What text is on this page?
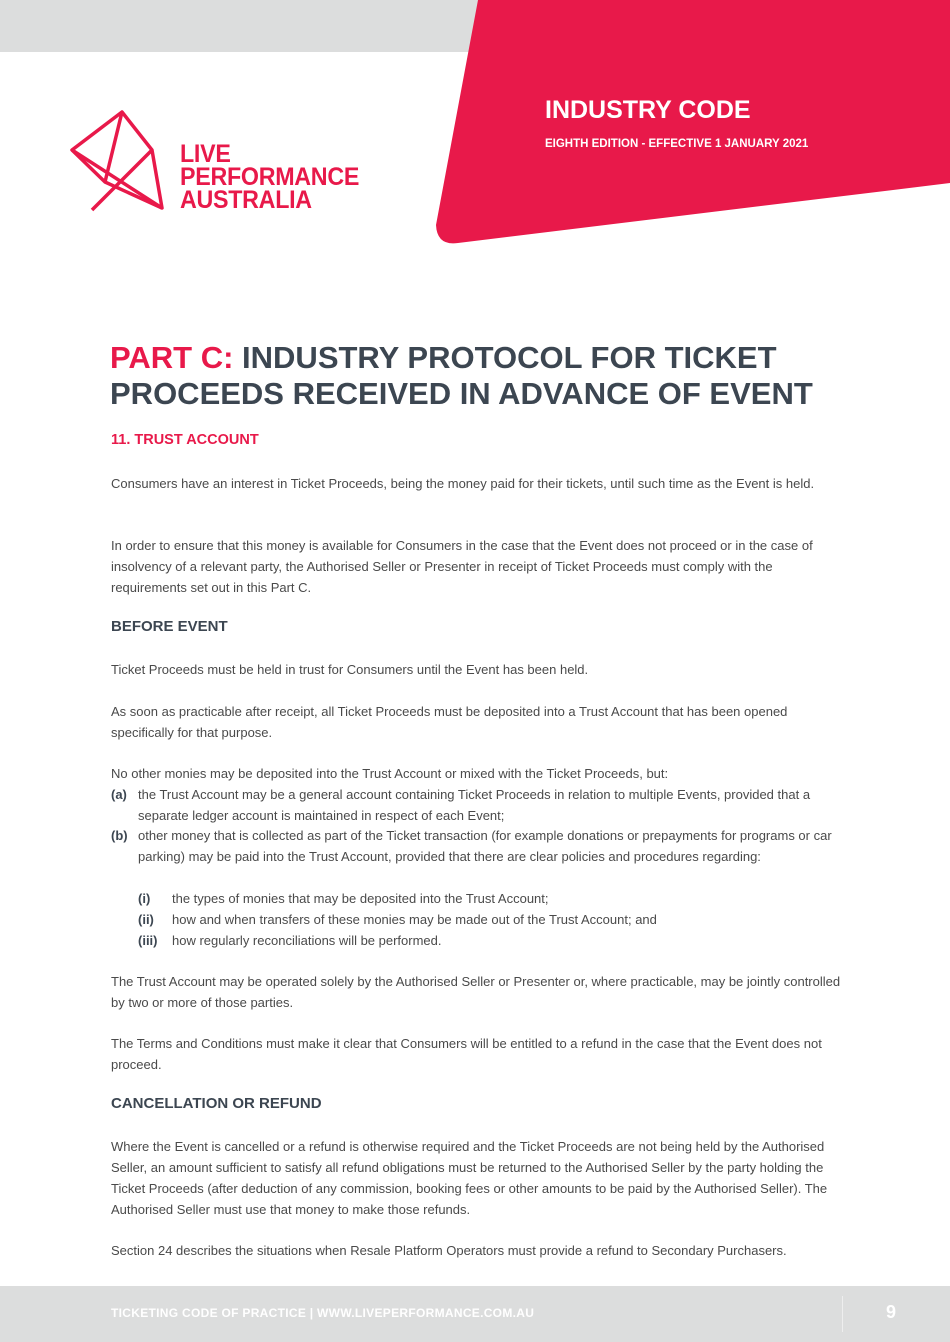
LIVE
PERFORMANCE
AUSTRALIA
INDUSTRY CODE
EIGHTH EDITION - EFFECTIVE 1 JANUARY 2021
PART C: INDUSTRY PROTOCOL FOR TICKET
PROCEEDS RECEIVED IN ADVANCE OF EVENT
11. TRUST ACCOUNT

Consumers have an interest in Ticket Proceeds, being the money paid for their tickets, until such time as the Event is held.

In order to ensure that this money is available for Consumers in the case that the Event does not proceed or in the case of insolvency of a relevant party, the Authorised Seller or Presenter in receipt of Ticket Proceeds must comply with the requirements set out in this Part C.

BEFORE EVENT

Ticket Proceeds must be held in trust for Consumers until the Event has been held.

As soon as practicable after receipt, all Ticket Proceeds must be deposited into a Trust Account that has been opened specifically for that purpose.

No other monies may be deposited into the Trust Account or mixed with the Ticket Proceeds, but:

(a) the Trust Account may be a general account containing Ticket Proceeds in relation to multiple Events, provided that a separate ledger account is maintained in respect of each Event;
(b) other money that is collected as part of the Ticket transaction (for example donations or prepayments for programs or car parking) may be paid into the Trust Account, provided that there are clear policies and procedures regarding:
(i)	the types of monies that may be deposited into the Trust Account;
(ii)	how and when transfers of these monies may be made out of the Trust Account; and
(iii)	how regularly reconciliations will be performed.

The Trust Account may be operated solely by the Authorised Seller or Presenter or, where practicable, may be jointly controlled by two or more of those parties.

The Terms and Conditions must make it clear that Consumers will be entitled to a refund in the case that the Event does not proceed.

CANCELLATION OR REFUND

Where the Event is cancelled or a refund is otherwise required and the Ticket Proceeds are not being held by the Authorised Seller, an amount sufficient to satisfy all refund obligations must be returned to the Authorised Seller by the party holding the Ticket Proceeds (after deduction of any commission, booking fees or other amounts to be paid by the Authorised Seller). The Authorised Seller must use that money to make those refunds.

Section 24 describes the situations when Resale Platform Operators must provide a refund to Secondary Purchasers.

TICKETING CODE OF PRACTICE | WWW.LIVEPERFORMANCE.COM.AU	9
